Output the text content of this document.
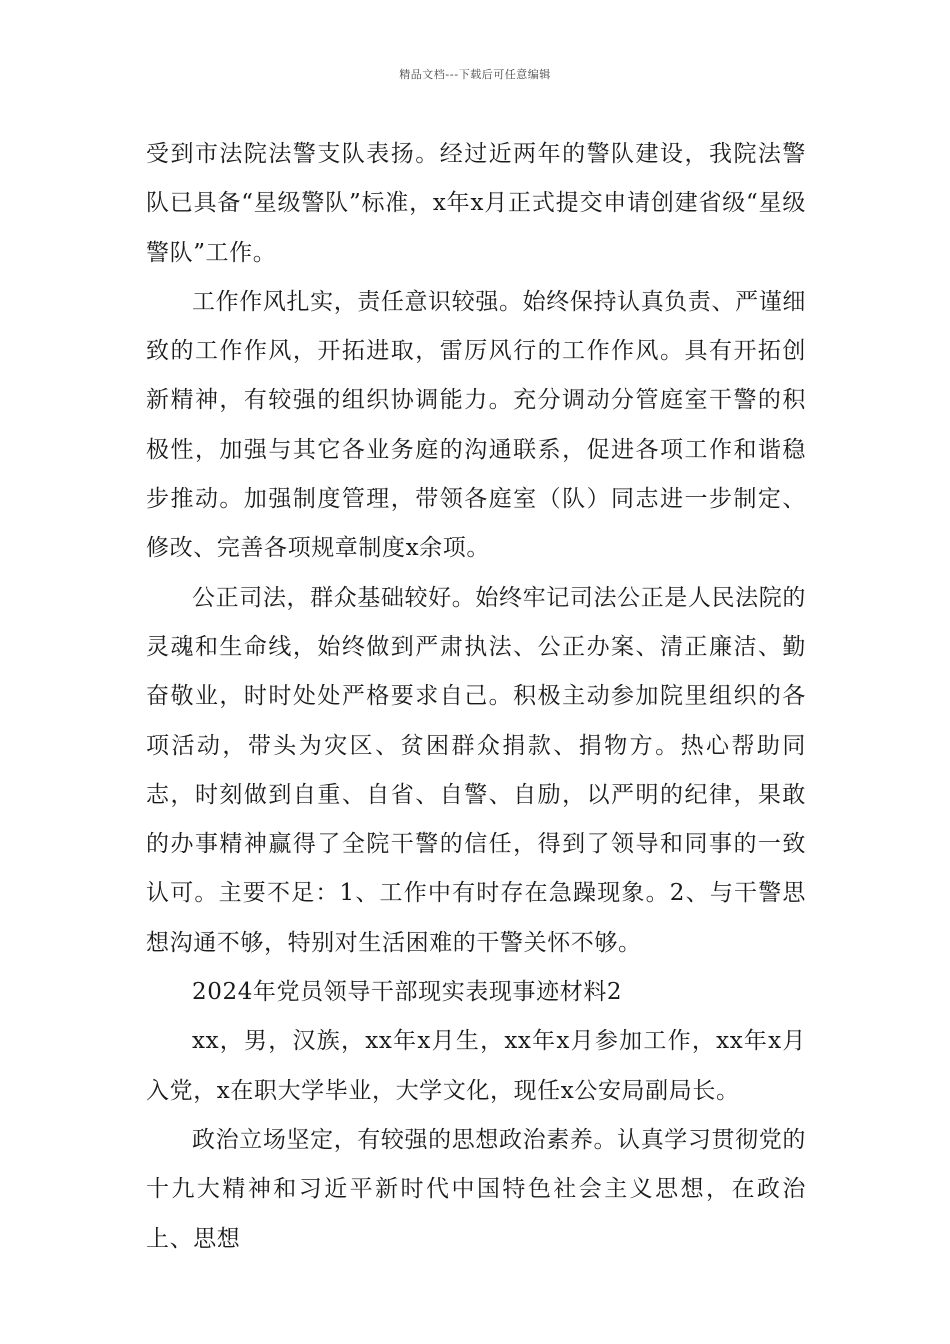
精品文档---下载后可任意编辑

受到市法院法警支队表扬。经过近两年的警队建设，我院法警队已具备“星级警队”标准，x年x月正式提交申请创建省级“星级警队”工作。

工作作风扎实，责任意识较强。始终保持认真负责、严谨细致的工作作风，开拓进取，雷厉风行的工作作风。具有开拓创新精神，有较强的组织协调能力。充分调动分管庭室干警的积极性，加强与其它各业务庭的沟通联系，促进各项工作和谐稳步推动。加强制度管理，带领各庭室（队）同志进一步制定、修改、完善各项规章制度x余项。

公正司法，群众基础较好。始终牢记司法公正是人民法院的灵魂和生命线，始终做到严肃执法、公正办案、清正廉洁、勤奋敬业，时时处处严格要求自己。积极主动参加院里组织的各项活动，带头为灾区、贫困群众捐款、捐物方。热心帮助同志，时刻做到自重、自省、自警、自励，以严明的纪律，果敢的办事精神赢得了全院干警的信任，得到了领导和同事的一致认可。主要不足：1、工作中有时存在急躁现象。2、与干警思想沟通不够，特别对生活困难的干警关怀不够。

2024年党员领导干部现实表现事迹材料2

xx，男，汉族，xx年x月生，xx年x月参加工作，xx年x月入党，x在职大学毕业，大学文化，现任x公安局副局长。

政治立场坚定，有较强的思想政治素养。认真学习贯彻党的十九大精神和习近平新时代中国特色社会主义思想，在政治上、思想
